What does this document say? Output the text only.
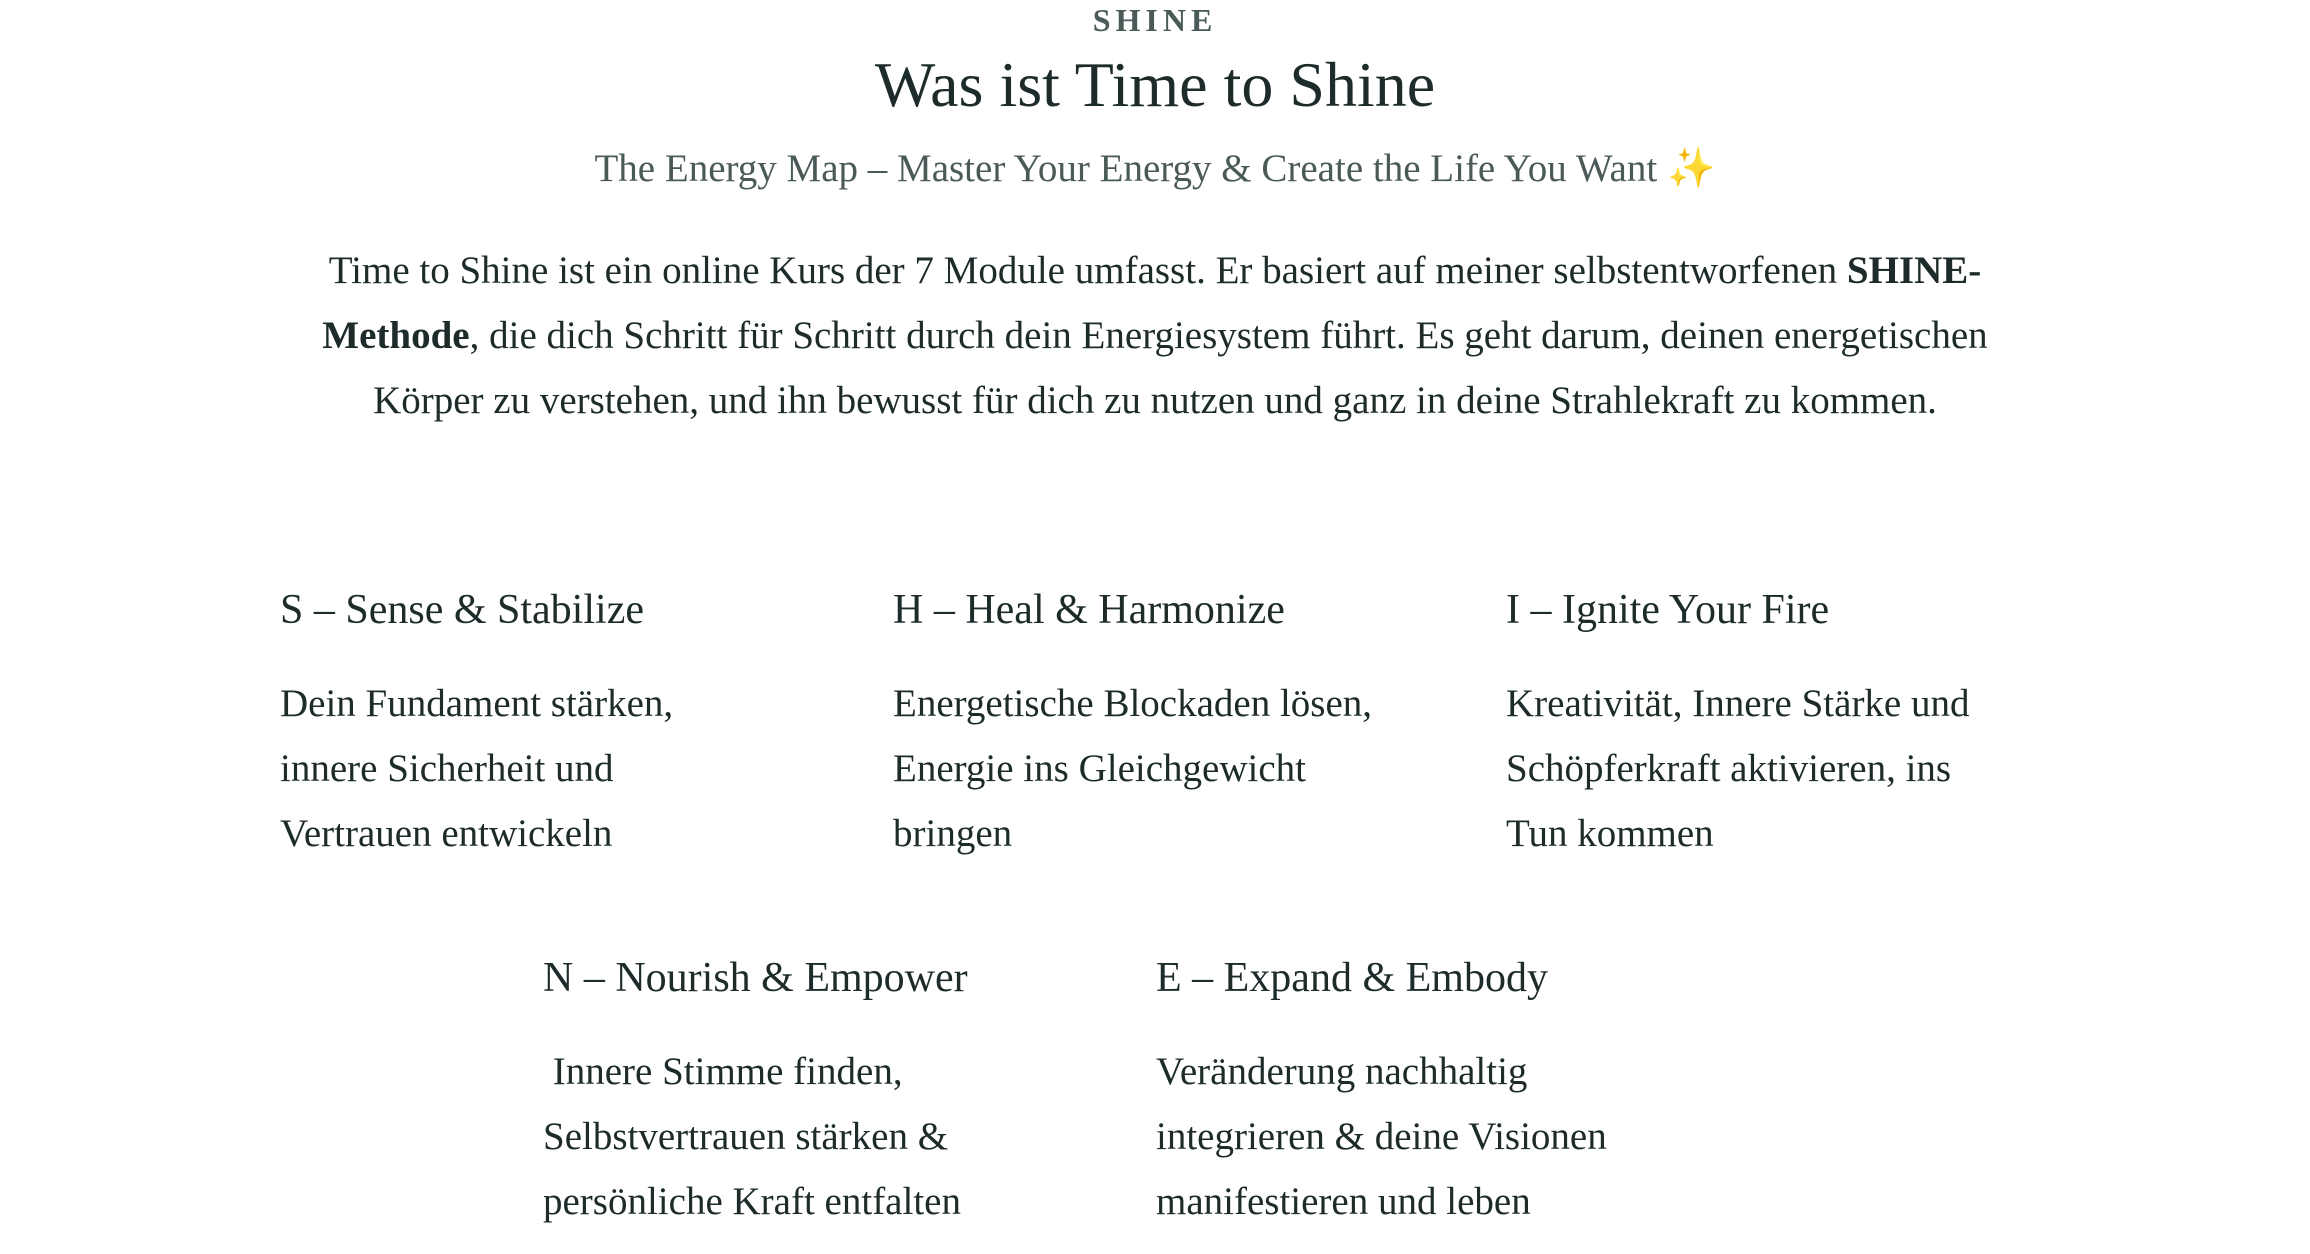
SHINE
Was ist Time to Shine
The Energy Map – Master Your Energy & Create the Life You Want ✨

Time to Shine ist ein online Kurs der 7 Module umfasst. Er basiert auf meiner selbstentworfenen SHINE-Methode, die dich Schritt für Schritt durch dein Energiesystem führt. Es geht darum, deinen energetischen Körper zu verstehen, und ihn bewusst für dich zu nutzen und ganz in deine Strahlekraft zu kommen.

S – Sense & Stabilize

Dein Fundament stärken,
innere Sicherheit und
Vertrauen entwickeln

H – Heal & Harmonize

Energetische Blockaden lösen,
Energie ins Gleichgewicht
bringen

I – Ignite Your Fire

Kreativität, Innere Stärke und
Schöpferkraft aktivieren, ins
Tun kommen

N – Nourish & Empower

Innere Stimme finden,
Selbstvertrauen stärken &
persönliche Kraft entfalten

E – Expand & Embody

Veränderung nachhaltig
integrieren & deine Visionen
manifestieren und leben
